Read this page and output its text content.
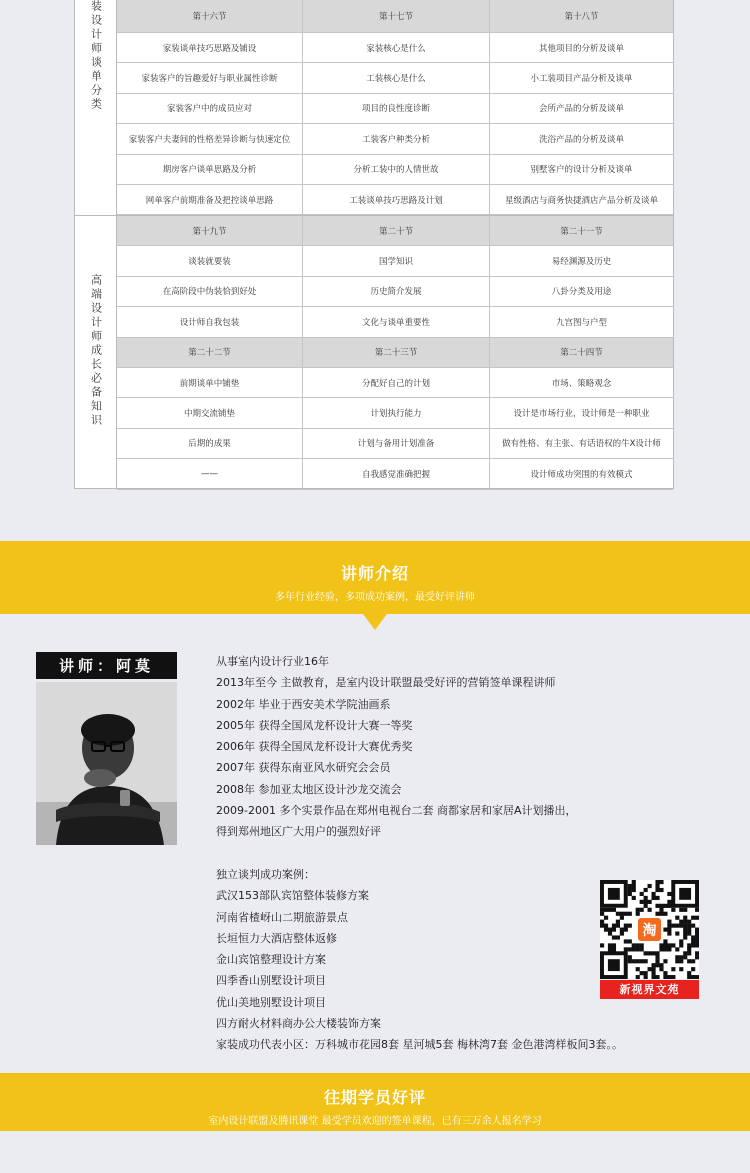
装设计师谈单分类	第十六节	第十七节	第十八节
家装谈单技巧思路及铺设	家装核心是什么	其他项目的分析及谈单
家装客户的旨趣爱好与职业属性诊断	工装核心是什么	小工装项目产品分析及谈单
家装客户中的成员应对	项目的良性度诊断	会所产品的分析及谈单
家装客户夫妻间的性格差异诊断与快速定位	工装客户种类分析	洗浴产品的分析及谈单
期房客户谈单思路及分析	分析工装中的人情世故	别墅客户的设计分析及谈单
网单客户前期准备及把控谈单思路	工装谈单技巧思路及计划	星级酒店与商务快捷酒店产品分析及谈单
高端设计师成长必备知识
第十九节	第二十节	第二十一节
谈装就要装	国学知识	易经渊源及历史
在高阶段中伪装恰到好处	历史简介发展	八卦分类及用途
设计师自我包装	文化与谈单重要性	九宫图与户型
第二十二节	第二十三节	第二十四节
前期谈单中铺垫	分配好自己的计划	市场、策略观念
中期交流铺垫	计划执行能力	设计是市场行业，设计师是一种职业
后期的成果	计划与备用计划准备	做有性格、有主张、有话语权的牛X设计师
——	自我感觉准确把握	设计师成功突围的有效模式
讲师介绍

多年行业经验，多项成功案例，最受好评讲师

讲师：阿莫	从事室内设计行业16年
2013年至今 主做教育，是室内设计联盟最受好评的营销签单课程讲师
2002年 毕业于西安美术学院油画系
2005年 获得全国凤龙杯设计大赛一等奖
2006年 获得全国凤龙杯设计大赛优秀奖
2007年 获得东南亚风水研究会会员
2008年 参加亚太地区设计沙龙交流会
2009-2001 多个实景作品在郑州电视台二套 商都家居和家居A计划播出，
得到郑州地区广大用户的强烈好评
独立谈判成功案例：
武汉153部队宾馆整体装修方案
河南省楂岈山二期旅游景点
长垣恒力大酒店整体返修
金山宾馆整理设计方案
四季香山别墅设计项目
优山美地别墅设计项目
四方耐火材料商办公大楼装饰方案
家装成功代表小区：万科城市花园8套 星河城5套 梅林湾7套 金色港湾样板间3套。。
淘
新视界文苑
往期学员好评

室内设计联盟及腾讯课堂 最受学员欢迎的签单课程，已有三万余人报名学习
